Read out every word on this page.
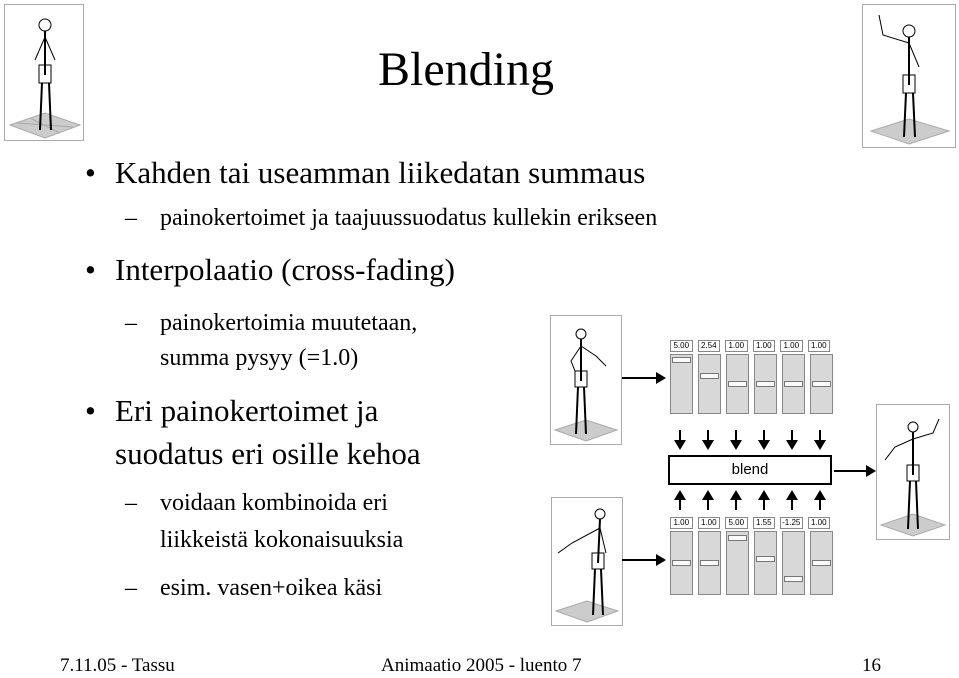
Blending
• Kahden tai useamman liikedatan summaus
– painokertoimet ja taajuussuodatus kullekin erikseen
• Interpolaatio (cross-fading)
– painokertoimia muutetaan,
summa pysyy (=1.0)
• Eri painokertoimet ja
suodatus eri osille kehoa
– voidaan kombinoida eri
liikkeistä kokonaisuuksia
– esim. vasen+oikea käsi
5.00	2.54	1.00	1.00	1.00	1.00
blend
1.00	1.00	5.00	1.55	-1.25	1.00
7.11.05 - Tassu	Animaatio 2005 - luento 7	16
